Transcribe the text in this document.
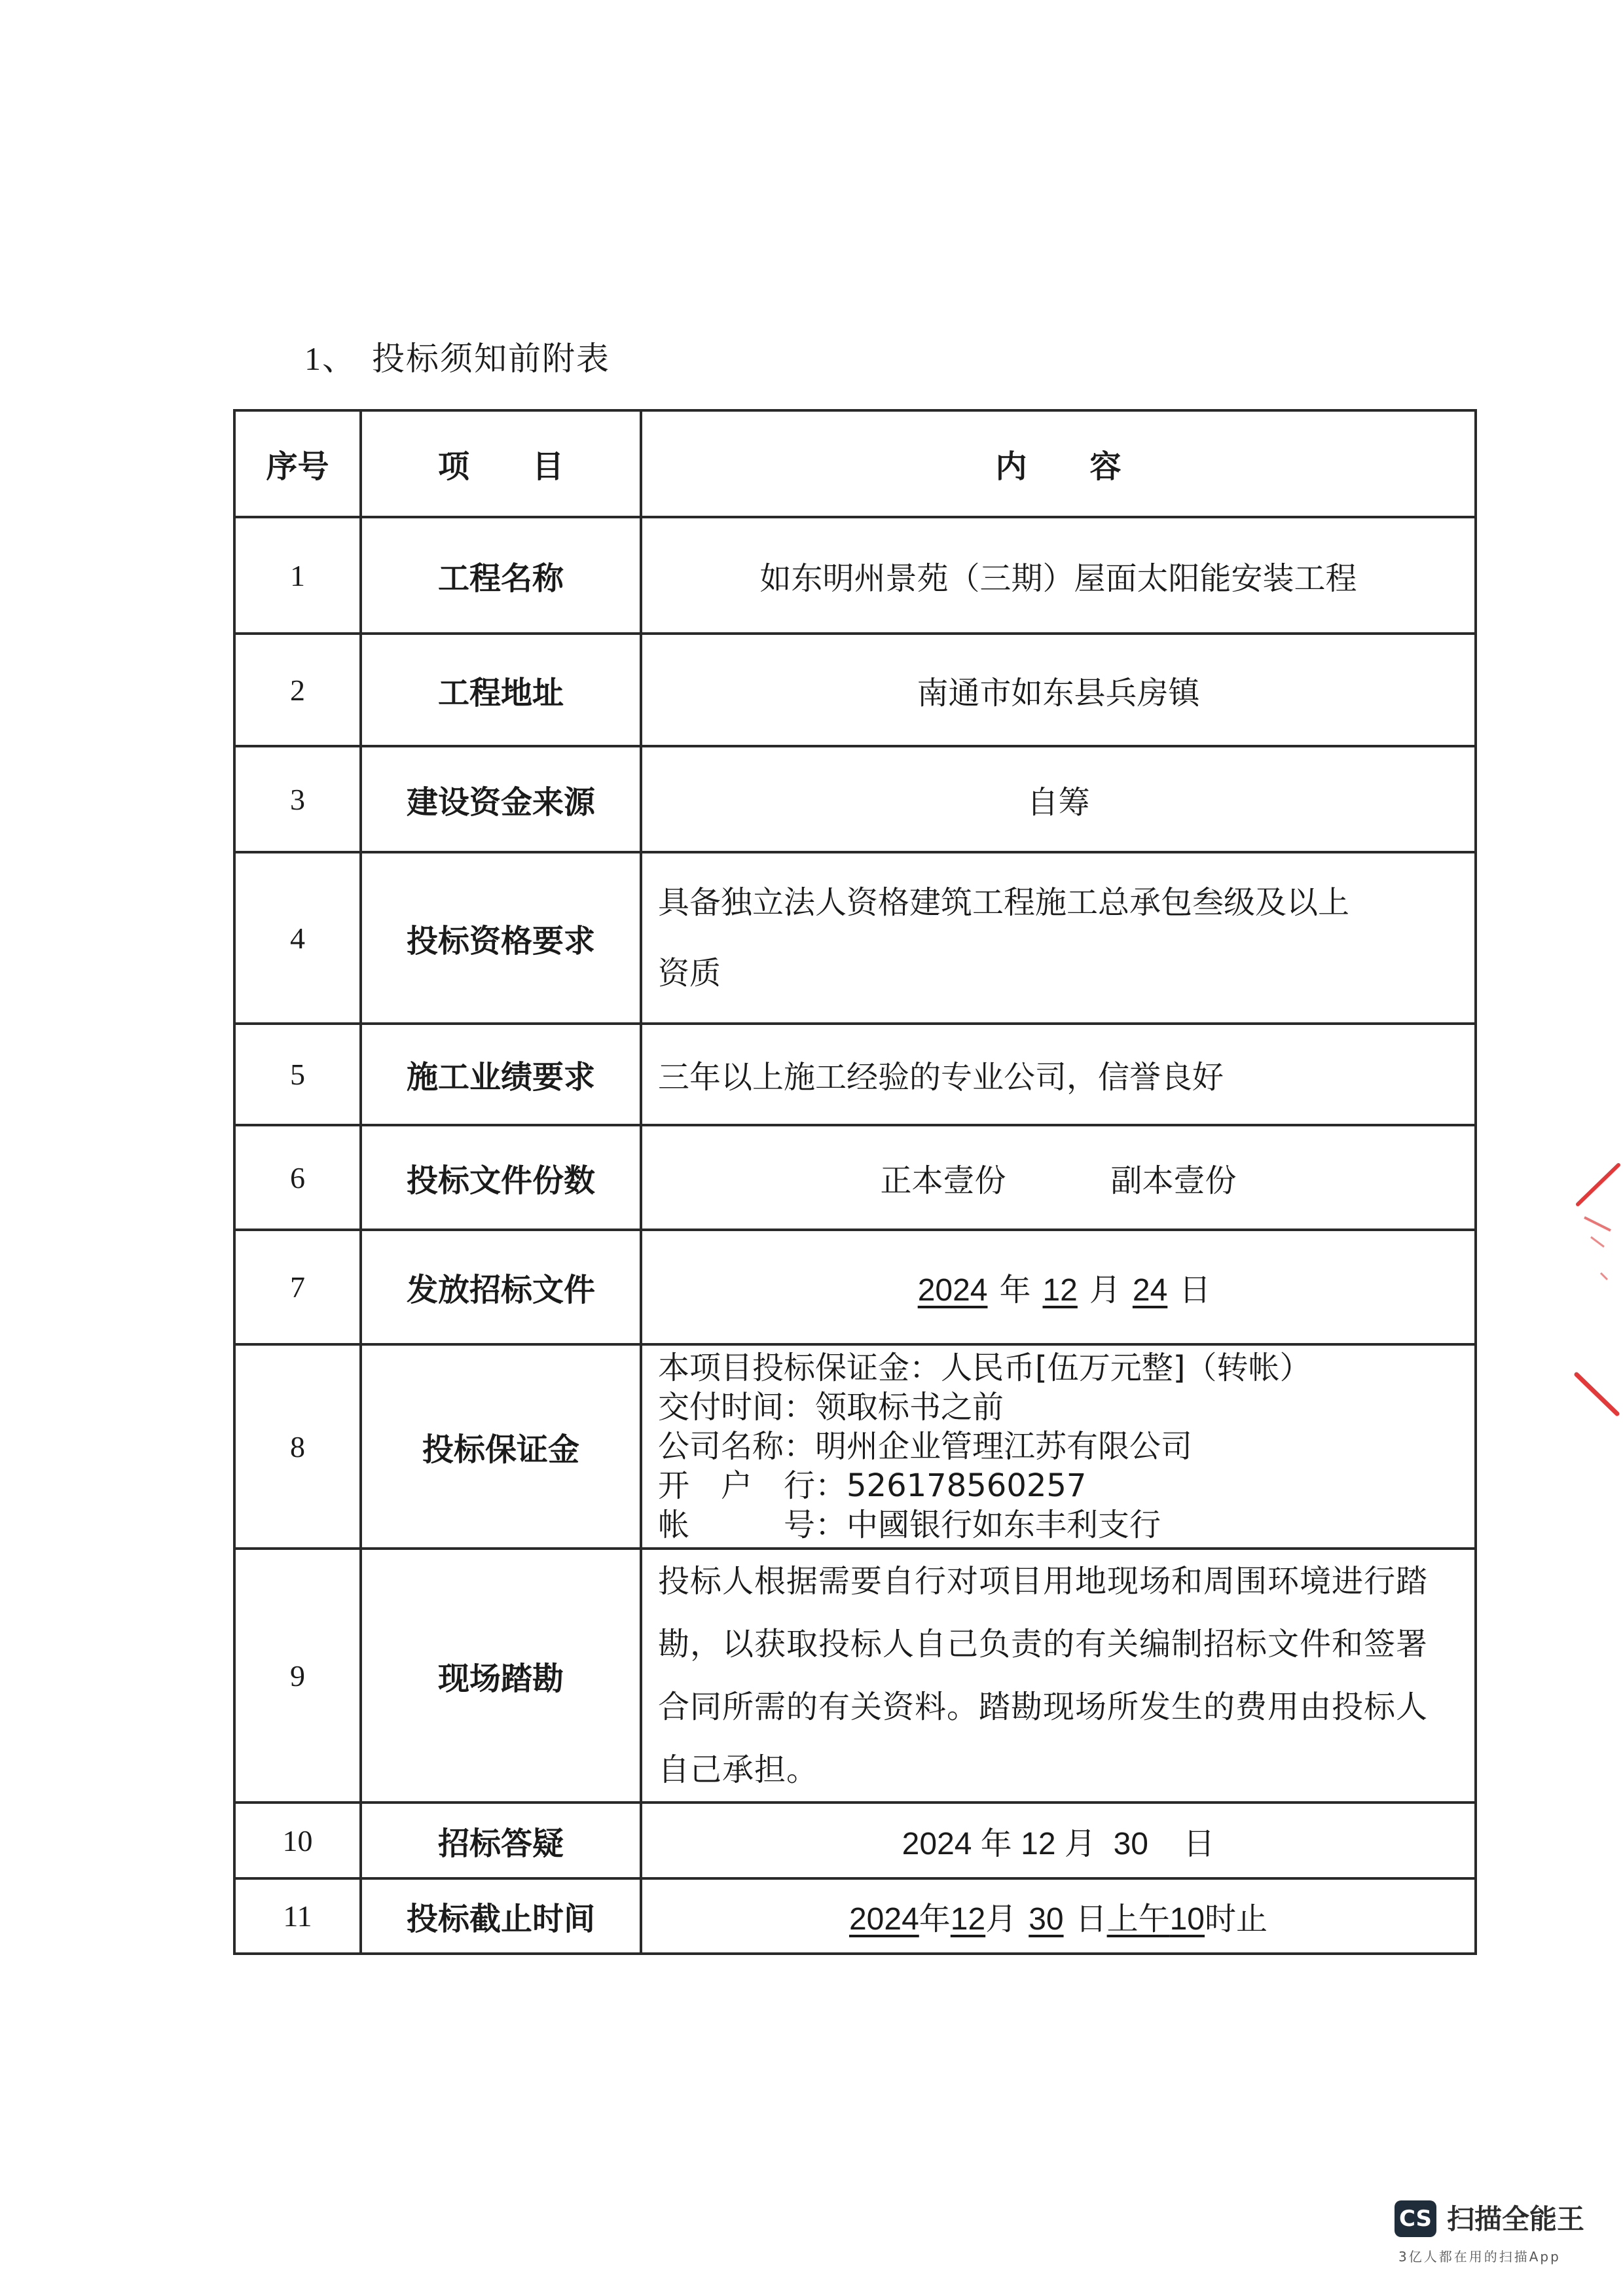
1、 投标须知前附表
序号	项　　目	内　　容
1	工程名称	如东明州景苑（三期）屋面太阳能安装工程
2	工程地址	南通市如东县兵房镇
3	建设资金来源	自筹
4	投标资格要求	具备独立法人资格建筑工程施工总承包叁级及以上
资质

5	施工业绩要求	三年以上施工经验的专业公司，信誉良好
6	投标文件份数	正本壹份 副本壹份
7	发放招标文件	2024 年 12 月 24 日
8	投标保证金	本项目投标保证金：人民币[伍万元整]（转帐）
交付时间：领取标书之前
公司名称：明州企业管理江苏有限公司
开　户　行：526178560257
帐　　　号：中國银行如东丰利支行

9	现场踏勘	投标人根据需要自行对项目用地现场和周围环境进行踏勘，以获取投标人自己负责的有关编制招标文件和签署合同所需的有关资料。踏勘现场所发生的费用由投标人自己承担。
10	招标答疑	2024 年 12 月 30 日
11	投标截止时间	2024年12月 30 日上午10时止
CS 扫描全能王
3亿人都在用的扫描App
